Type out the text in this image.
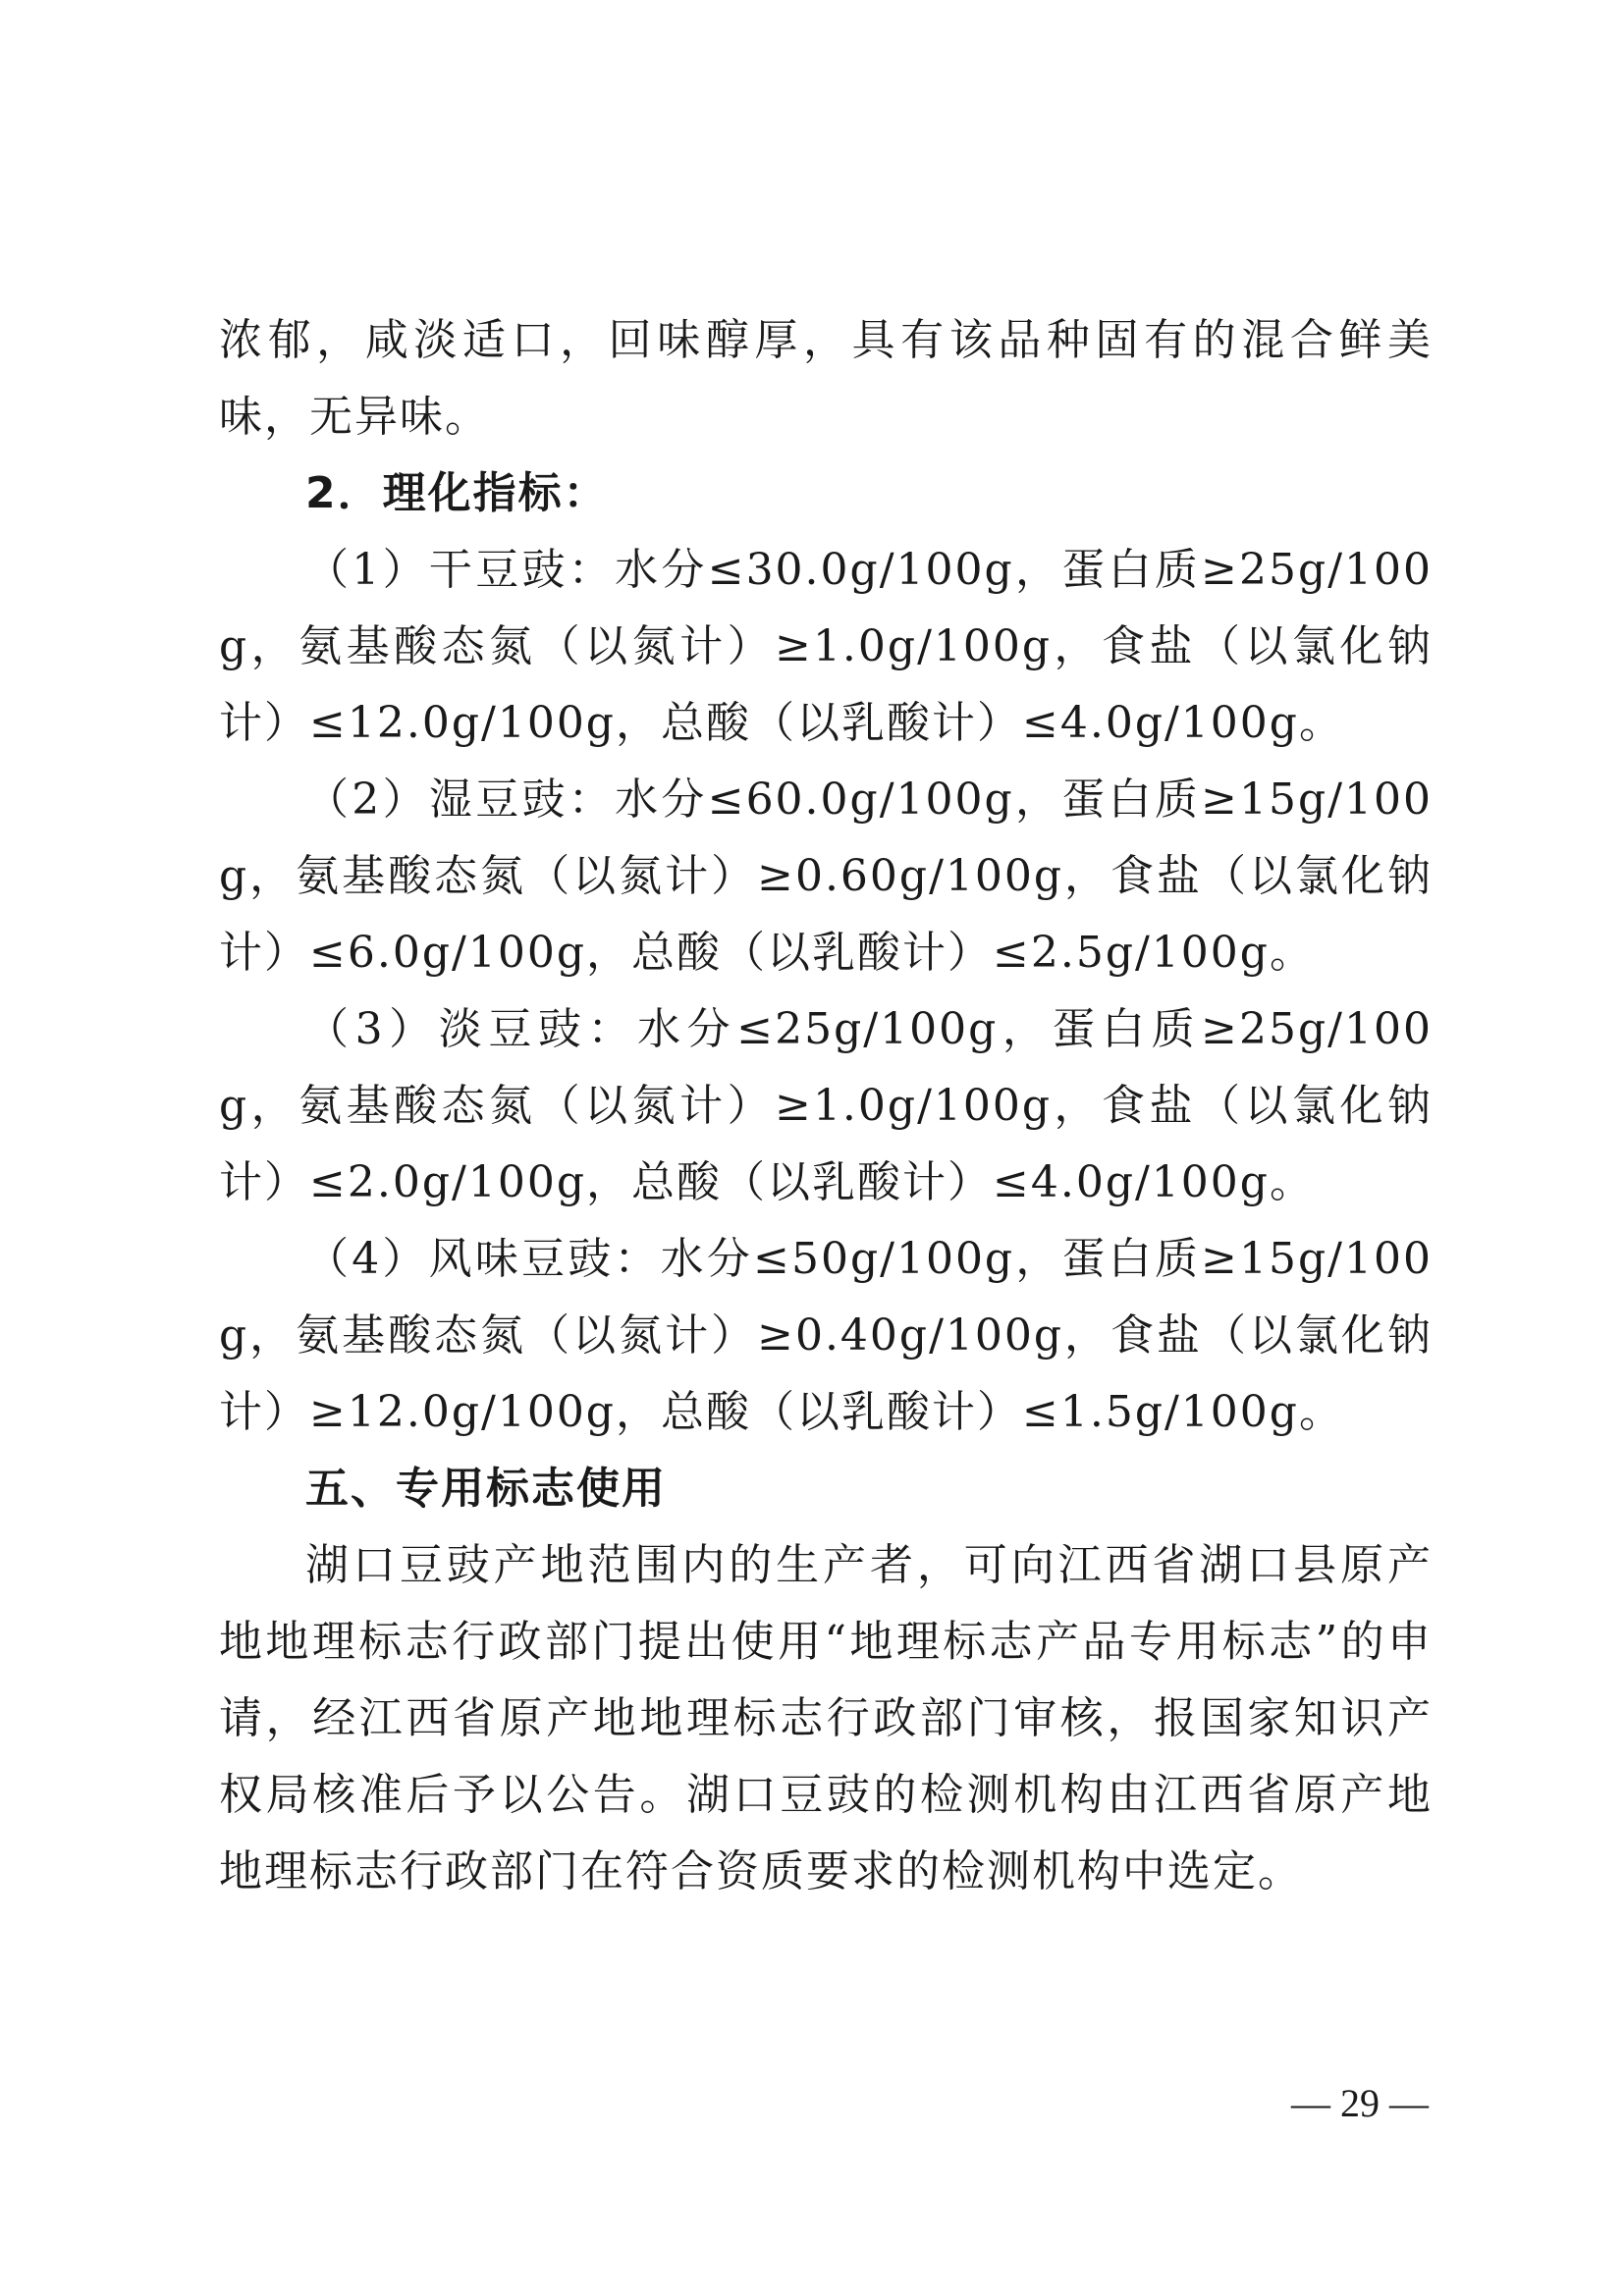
浓郁，咸淡适口，回味醇厚，具有该品种固有的混合鲜美味，无异味。

2．理化指标：

（1）干豆豉：水分≤30.0g/100g，蛋白质≥25g/100g，氨基酸态氮（以氮计）≥1.0g/100g，食盐（以氯化钠计）≤12.0g/100g，总酸（以乳酸计）≤4.0g/100g。

（2）湿豆豉：水分≤60.0g/100g，蛋白质≥15g/100g，氨基酸态氮（以氮计）≥0.60g/100g，食盐（以氯化钠计）≤6.0g/100g，总酸（以乳酸计）≤2.5g/100g。

（3）淡豆豉：水分≤25g/100g，蛋白质≥25g/100g，氨基酸态氮（以氮计）≥1.0g/100g，食盐（以氯化钠计）≤2.0g/100g，总酸（以乳酸计）≤4.0g/100g。

（4）风味豆豉：水分≤50g/100g，蛋白质≥15g/100g，氨基酸态氮（以氮计）≥0.40g/100g，食盐（以氯化钠计）≥12.0g/100g，总酸（以乳酸计）≤1.5g/100g。

五、专用标志使用

湖口豆豉产地范围内的生产者，可向江西省湖口县原产地地理标志行政部门提出使用“地理标志产品专用标志”的申请，经江西省原产地地理标志行政部门审核，报国家知识产权局核准后予以公告。湖口豆豉的检测机构由江西省原产地地理标志行政部门在符合资质要求的检测机构中选定。

— 29 —
